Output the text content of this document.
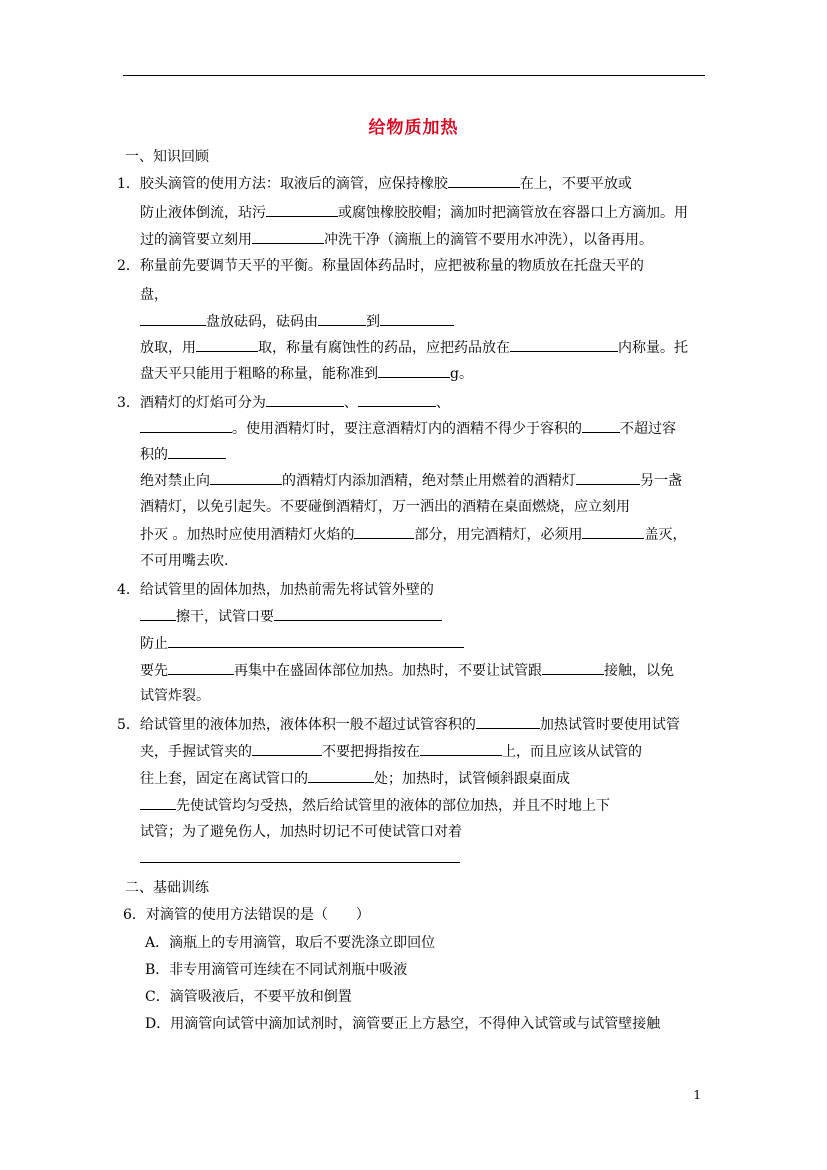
给物质加热
一、知识回顾
1．胶头滴管的使用方法：取液后的滴管，应保持橡胶	在上，不要平放或
防止液体倒流，玷污	或腐蚀橡胶胶帽；滴加时把滴管放在容器口上方滴加。用
过的滴管要立刻用	冲洗干净（滴瓶上的滴管不要用水冲洗），以备再用。
2．称量前先要调节天平的平衡。称量固体药品时，应把被称量的物质放在托盘天平的
盘，
盘放砝码，砝码由	到
放取，用	取，称量有腐蚀性的药品，应把药品放在	内称量。托
盘天平只能用于粗略的称量，能称准到	g。
3．酒精灯的灯焰可分为	、	、
。使用酒精灯时，要注意酒精灯内的酒精不得少于容积的	不超过容
积的
绝对禁止向	的酒精灯内添加酒精，绝对禁止用燃着的酒精灯	另一盏
酒精灯，以免引起失。不要碰倒酒精灯，万一洒出的酒精在桌面燃烧，应立刻用
扑灭 。加热时应使用酒精灯火焰的	部分，用完酒精灯，必须用	盖灭，
不可用嘴去吹.
4．给试管里的固体加热，加热前需先将试管外壁的
擦干，试管口要
防止
要先	再集中在盛固体部位加热。加热时，不要让试管跟	接触，以免
试管炸裂。
5．给试管里的液体加热，液体体积一般不超过试管容积的	加热试管时要使用试管
夹，手握试管夹的	不要把拇指按在	上，而且应该从试管的
往上套，固定在离试管口的	处；加热时，试管倾斜跟桌面成
先使试管均匀受热，然后给试管里的液体的部位加热，并且不时地上下
试管；为了避免伤人，加热时切记不可使试管口对着
二、基础训练
6．对滴管的使用方法错误的是（　　）
A．滴瓶上的专用滴管，取后不要洗涤立即回位
B．非专用滴管可连续在不同试剂瓶中吸液
C．滴管吸液后，不要平放和倒置
D．用滴管向试管中滴加试剂时，滴管要正上方悬空，不得伸入试管或与试管壁接触
1
